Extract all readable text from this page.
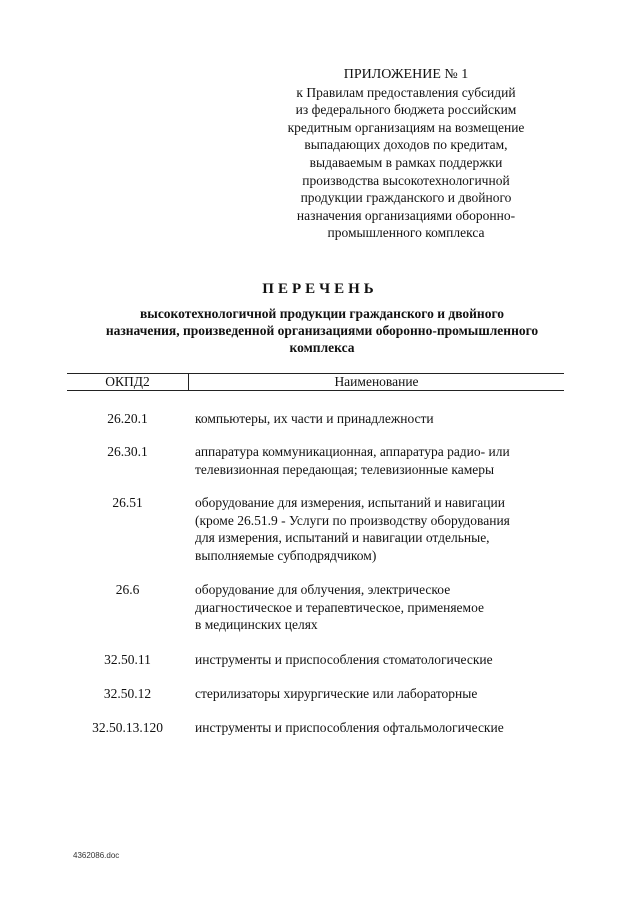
ПРИЛОЖЕНИЕ № 1
к Правилам предоставления субсидий
из федерального бюджета российским
кредитным организациям на возмещение
выпадающих доходов по кредитам,
выдаваемым в рамках поддержки
производства высокотехнологичной
продукции гражданского и двойного
назначения организациями оборонно-
промышленного комплекса
ПЕРЕЧЕНЬ
высокотехнологичной продукции гражданского и двойного
назначения, произведенной организациями оборонно-промышленного
комплекса
ОКПД2	Наименование
26.20.1	компьютеры, их части и принадлежности
26.30.1	аппаратура коммуникационная, аппаратура радио- или
телевизионная передающая; телевизионные камеры
26.51	оборудование для измерения, испытаний и навигации
(кроме 26.51.9 - Услуги по производству оборудования
для измерения, испытаний и навигации отдельные,
выполняемые субподрядчиком)
26.6	оборудование для облучения, электрическое
диагностическое и терапевтическое, применяемое
в медицинских целях
32.50.11	инструменты и приспособления стоматологические
32.50.12	стерилизаторы хирургические или лабораторные
32.50.13.120	инструменты и приспособления офтальмологические
4362086.doc
